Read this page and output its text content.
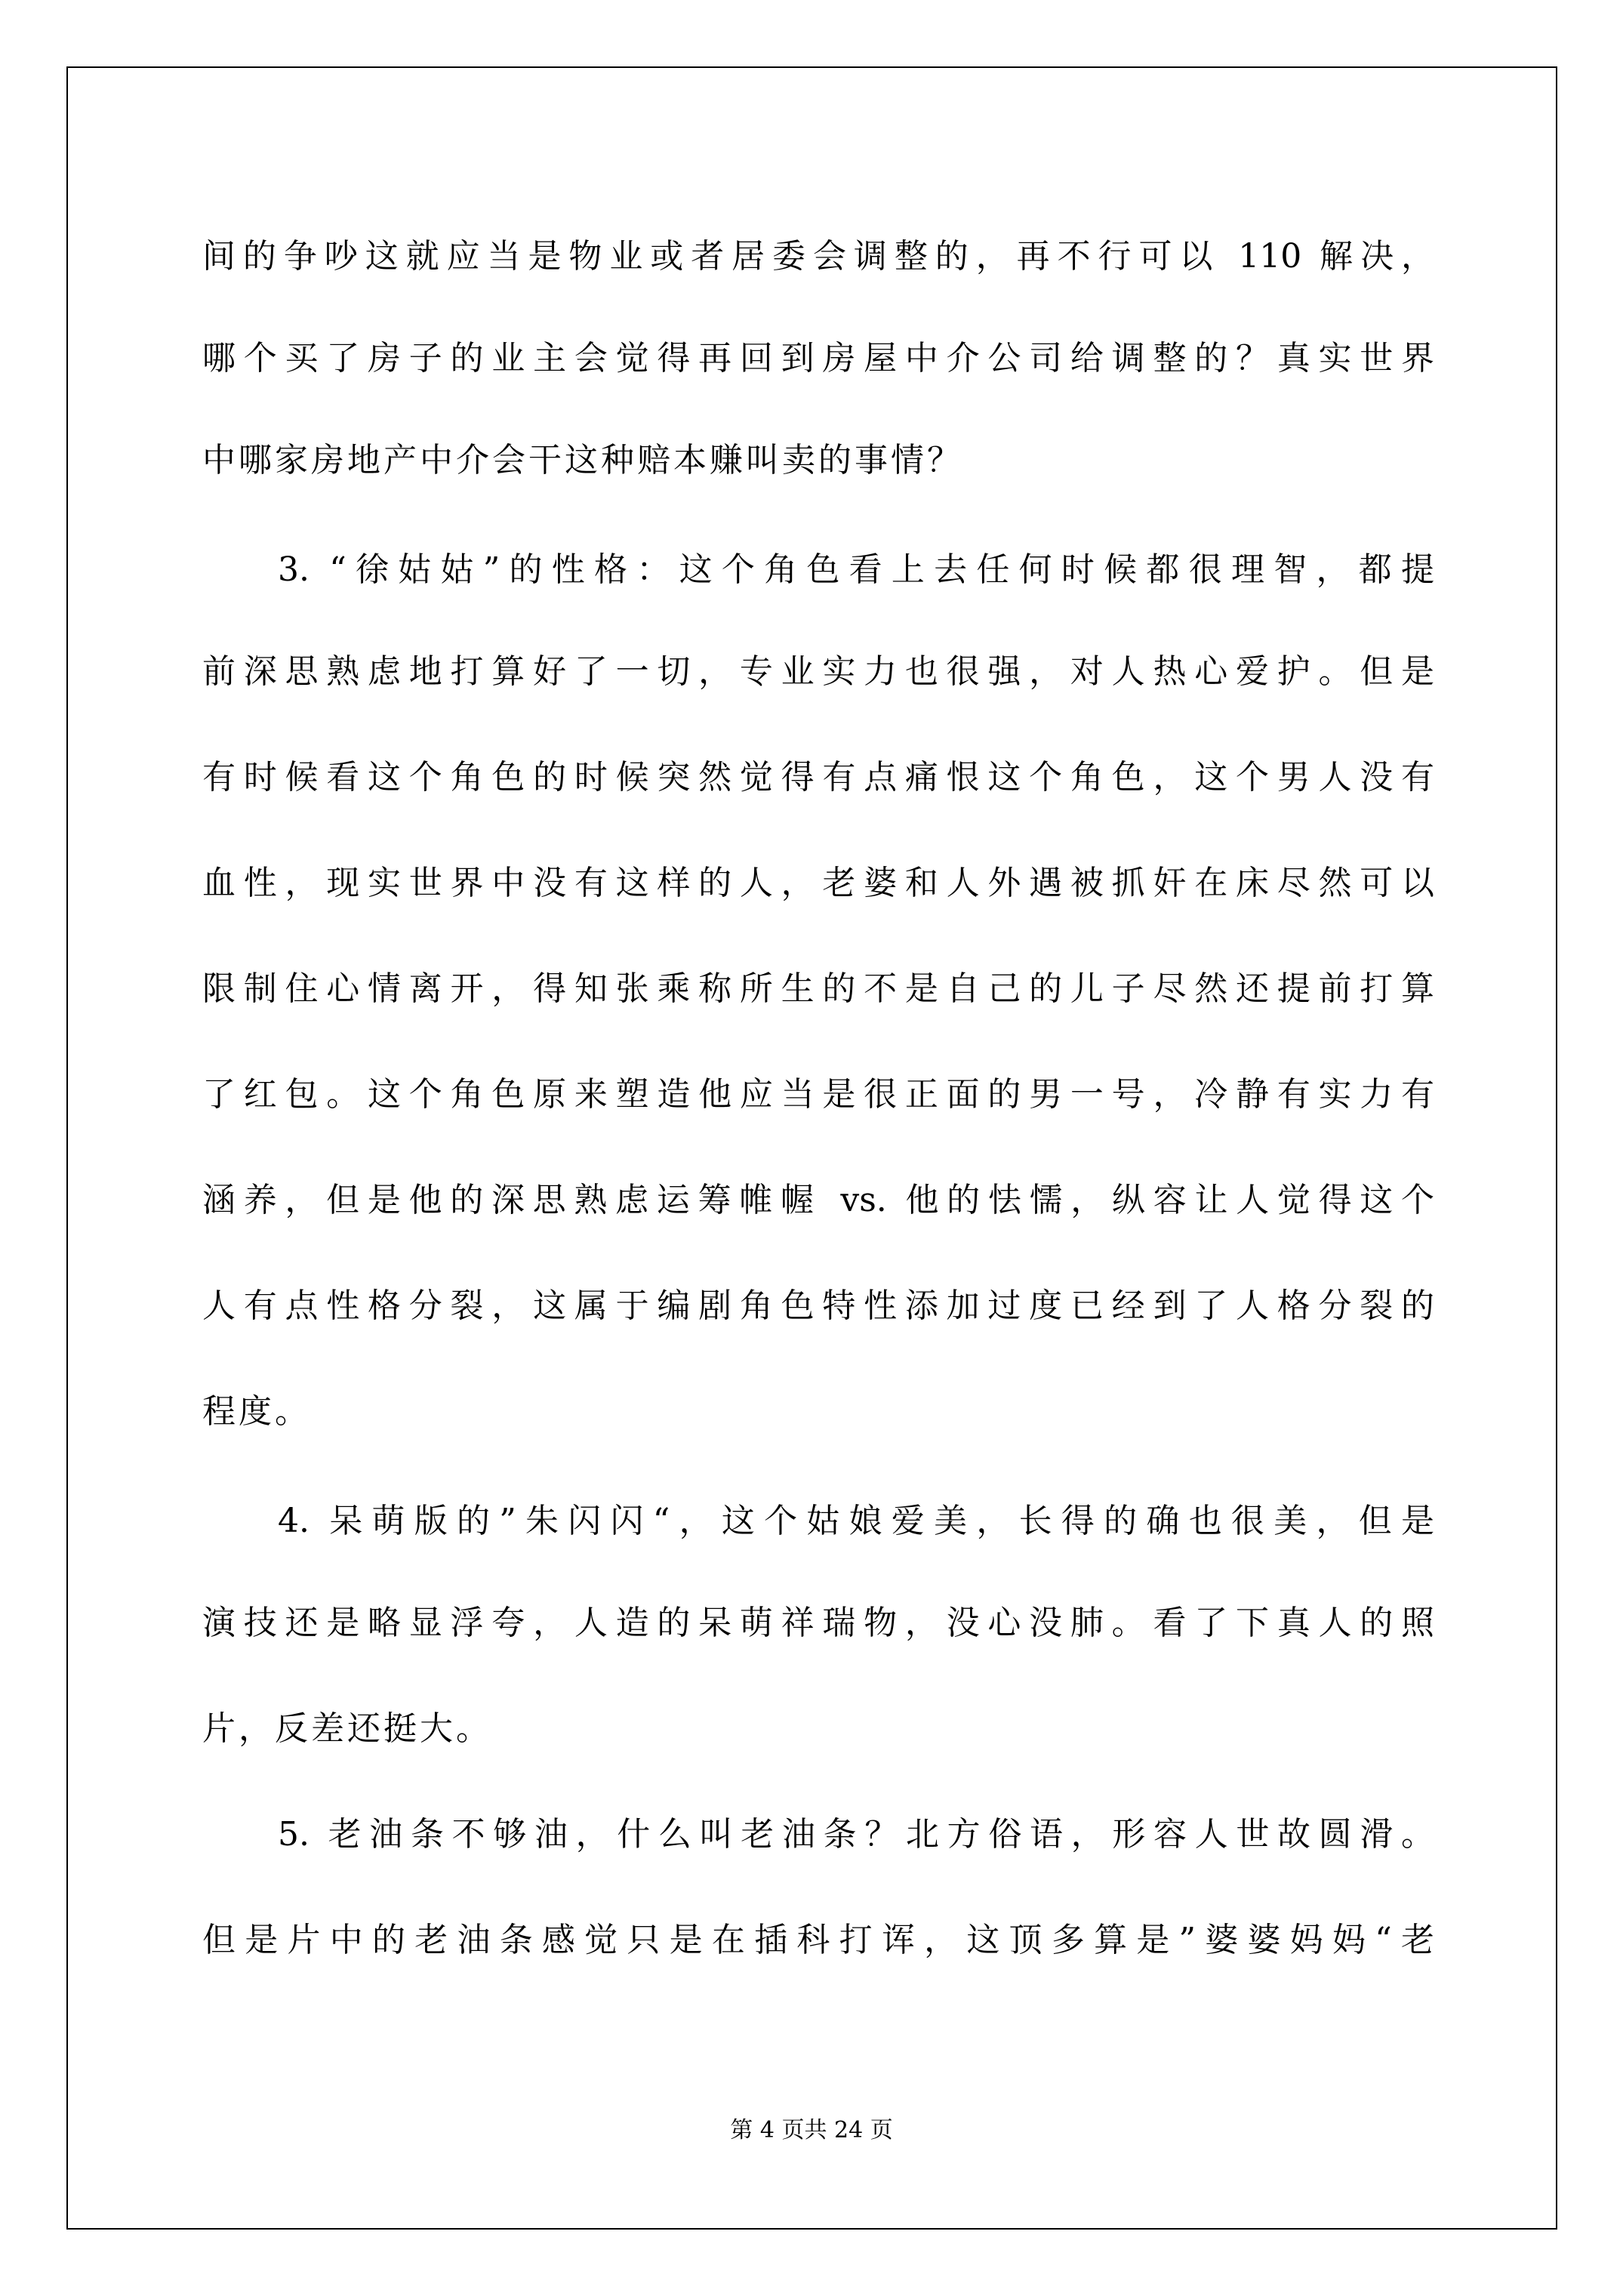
间的争吵这就应当是物业或者居委会调整的，再不行可以 110 解决，
哪个买了房子的业主会觉得再回到房屋中介公司给调整的？真实世界
中哪家房地产中介会干这种赔本赚叫卖的事情？
3. “徐姑姑”的性格：这个角色看上去任何时候都很理智，都提
前深思熟虑地打算好了一切，专业实力也很强，对人热心爱护。但是
有时候看这个角色的时候突然觉得有点痛恨这个角色，这个男人没有
血性，现实世界中没有这样的人，老婆和人外遇被抓奸在床尽然可以
限制住心情离开，得知张乘称所生的不是自己的儿子尽然还提前打算
了红包。这个角色原来塑造他应当是很正面的男一号，冷静有实力有
涵养，但是他的深思熟虑运筹帷幄 vs. 他的怯懦，纵容让人觉得这个
人有点性格分裂，这属于编剧角色特性添加过度已经到了人格分裂的
程度。
4. 呆萌版的”朱闪闪“，这个姑娘爱美，长得的确也很美，但是
演技还是略显浮夸，人造的呆萌祥瑞物，没心没肺。看了下真人的照
片，反差还挺大。
5. 老油条不够油，什么叫老油条？北方俗语，形容人世故圆滑。
但是片中的老油条感觉只是在插科打诨，这顶多算是”婆婆妈妈“老
第 4 页共 24 页
